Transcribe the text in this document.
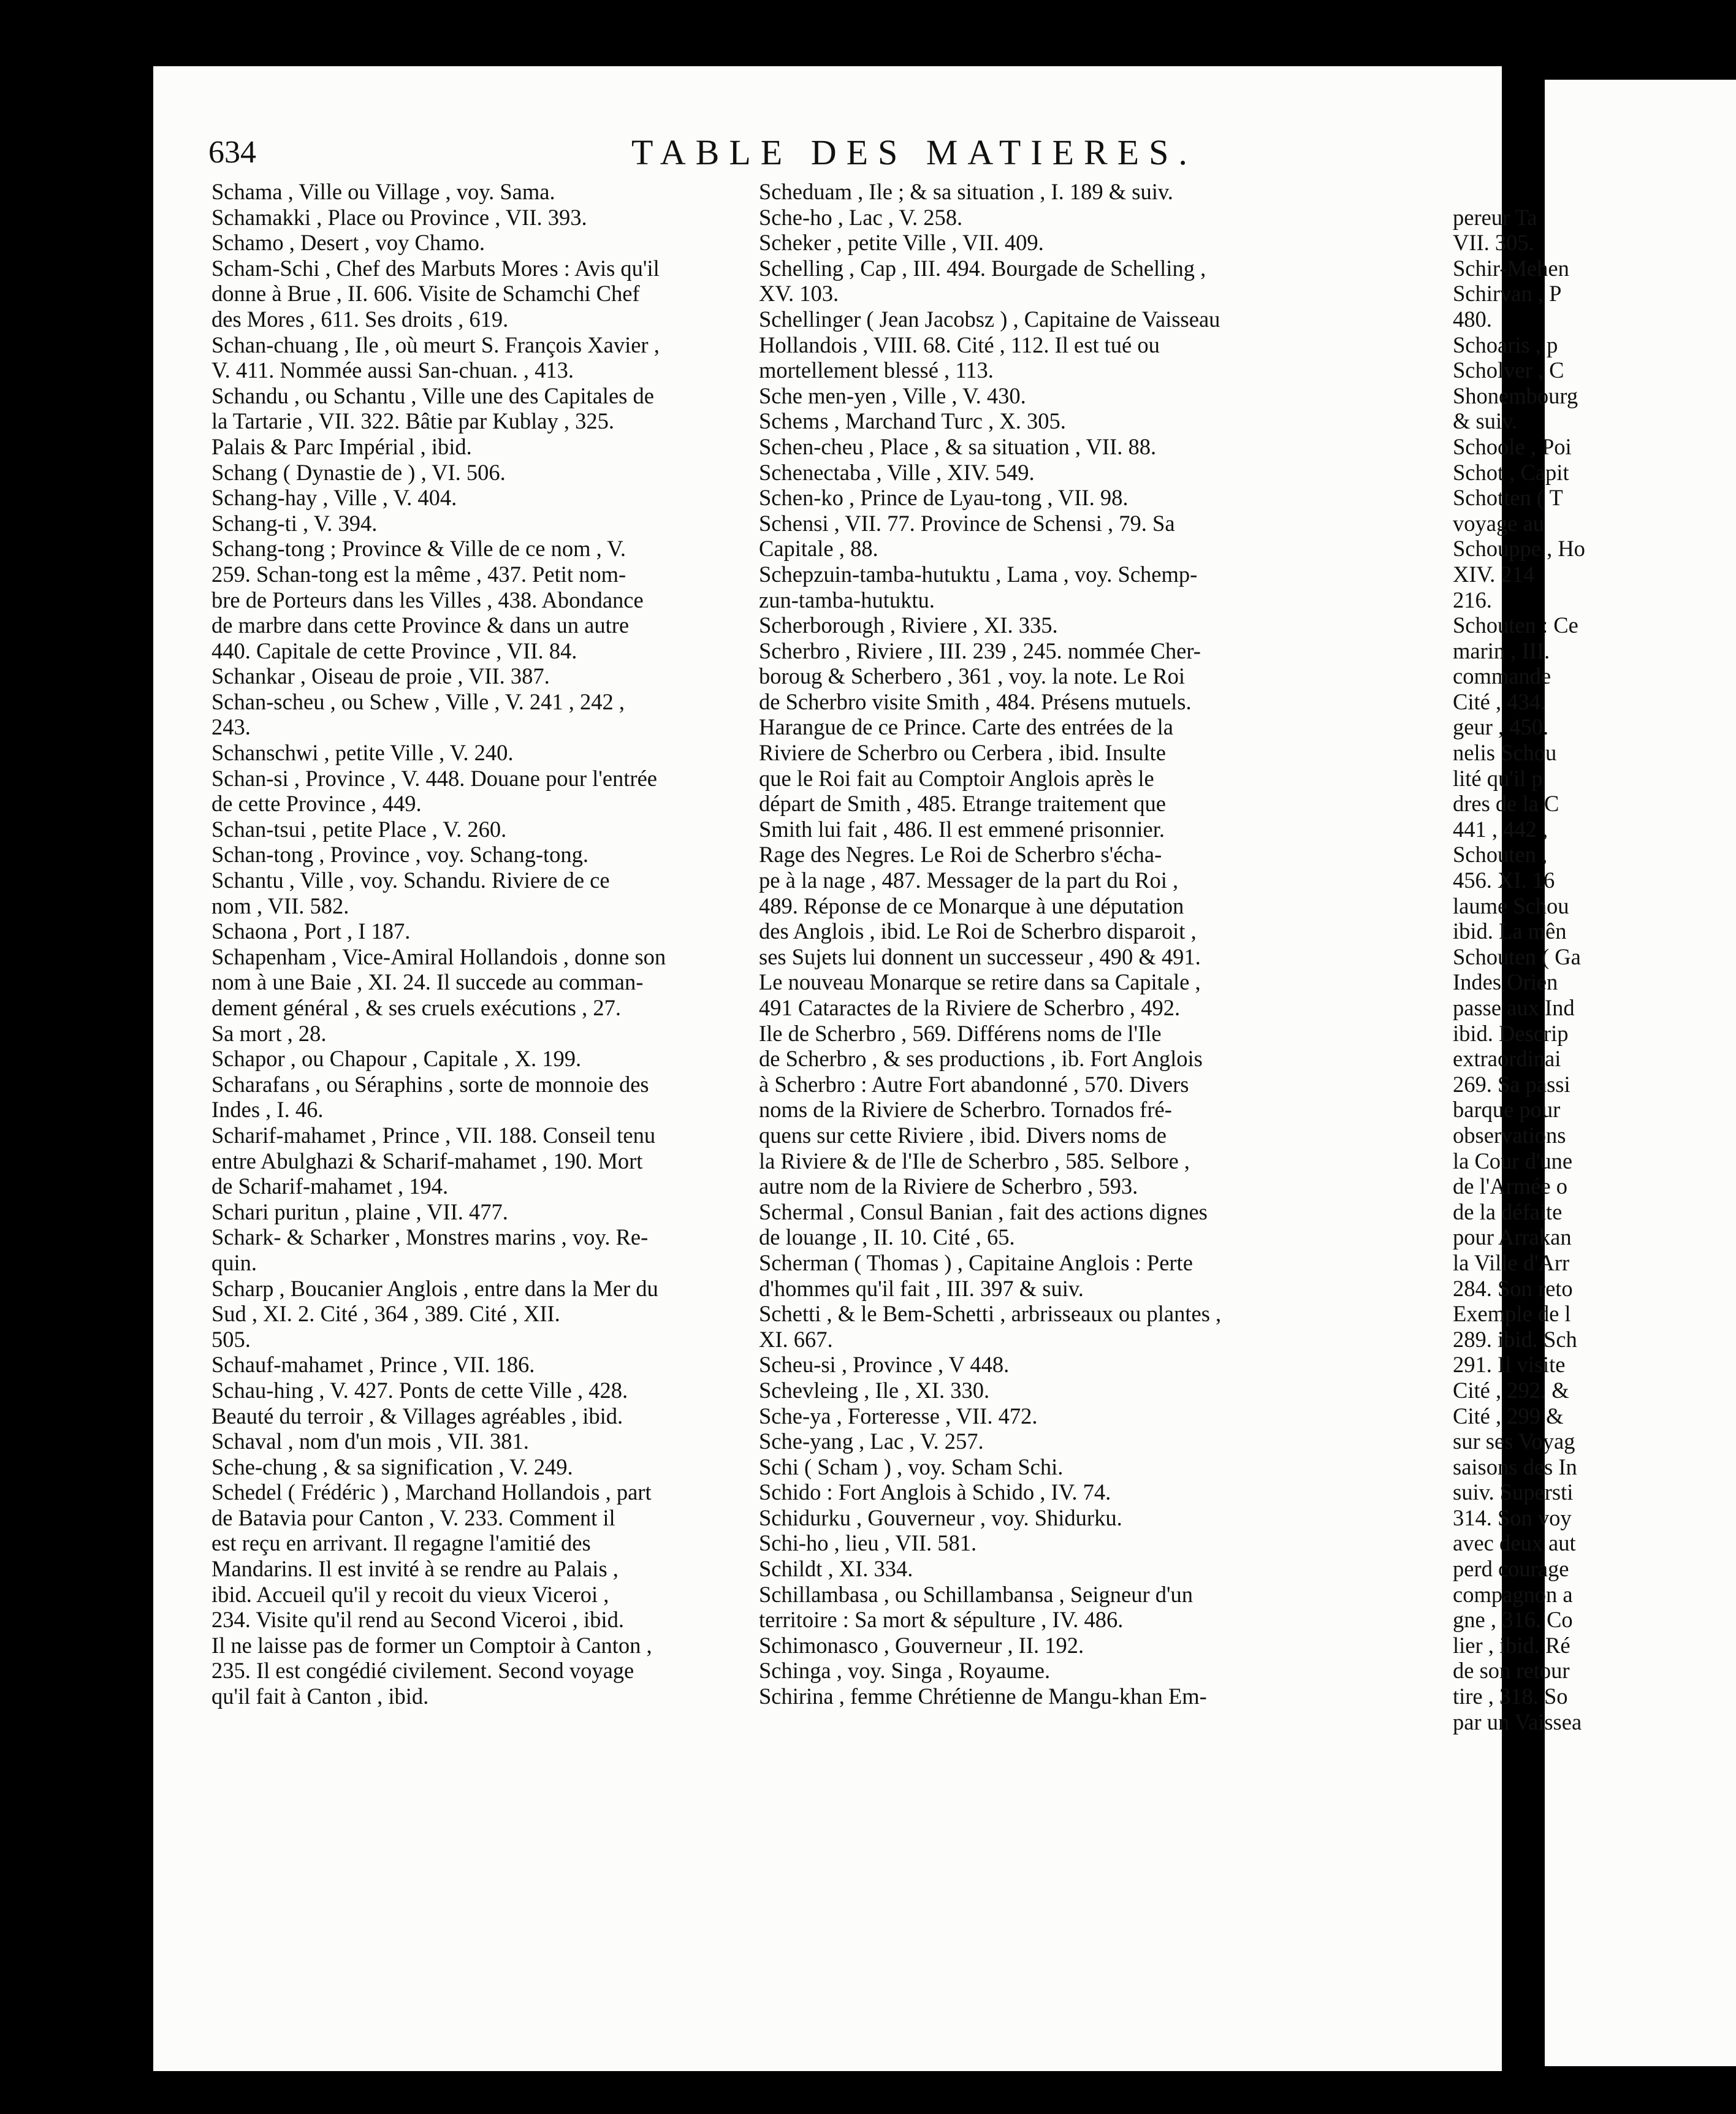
634	TABLE DES MATIERES.
Schama , Ville ou Village , voy. Sama.
Schamakki , Place ou Province , VII. 393.
Schamo , Desert , voy Chamo.
Scham-Schi , Chef des Marbuts Mores : Avis qu'il
donne à Brue , II. 606. Visite de Schamchi Chef
des Mores , 611. Ses droits , 619.
Schan-chuang , Ile , où meurt S. François Xavier ,
V. 411. Nommée aussi San-chuan. , 413.
Schandu , ou Schantu , Ville une des Capitales de
la Tartarie , VII. 322. Bâtie par Kublay , 325.
Palais & Parc Impérial , ibid.
Schang ( Dynastie de ) , VI. 506.
Schang-hay , Ville , V. 404.
Schang-ti , V. 394.
Schang-tong ; Province & Ville de ce nom , V.
259. Schan-tong est la même , 437. Petit nom-
bre de Porteurs dans les Villes , 438. Abondance
de marbre dans cette Province & dans un autre
440. Capitale de cette Province , VII. 84.
Schankar , Oiseau de proie , VII. 387.
Schan-scheu , ou Schew , Ville , V. 241 , 242 ,
243.
Schanschwi , petite Ville , V. 240.
Schan-si , Province , V. 448. Douane pour l'entrée
de cette Province , 449.
Schan-tsui , petite Place , V. 260.
Schan-tong , Province , voy. Schang-tong.
Schantu , Ville , voy. Schandu. Riviere de ce
nom , VII. 582.
Schaona , Port , I 187.
Schapenham , Vice-Amiral Hollandois , donne son
nom à une Baie , XI. 24. Il succede au comman-
dement général , & ses cruels exécutions , 27.
Sa mort , 28.
Schapor , ou Chapour , Capitale , X. 199.
Scharafans , ou Séraphins , sorte de monnoie des
Indes , I. 46.
Scharif-mahamet , Prince , VII. 188. Conseil tenu
entre Abulghazi & Scharif-mahamet , 190. Mort
de Scharif-mahamet , 194.
Schari puritun , plaine , VII. 477.
Schark- & Scharker , Monstres marins , voy. Re-
quin.
Scharp , Boucanier Anglois , entre dans la Mer du
Sud , XI. 2. Cité , 364 , 389. Cité , XII.
505.
Schauf-mahamet , Prince , VII. 186.
Schau-hing , V. 427. Ponts de cette Ville , 428.
Beauté du terroir , & Villages agréables , ibid.
Schaval , nom d'un mois , VII. 381.
Sche-chung , & sa signification , V. 249.
Schedel ( Frédéric ) , Marchand Hollandois , part
de Batavia pour Canton , V. 233. Comment il
est reçu en arrivant. Il regagne l'amitié des
Mandarins. Il est invité à se rendre au Palais ,
ibid. Accueil qu'il y recoit du vieux Viceroi ,
234. Visite qu'il rend au Second Viceroi , ibid.
Il ne laisse pas de former un Comptoir à Canton ,
235. Il est congédié civilement. Second voyage
qu'il fait à Canton , ibid.
Scheduam , Ile ; & sa situation , I. 189 & suiv.
Sche-ho , Lac , V. 258.
Scheker , petite Ville , VII. 409.
Schelling , Cap , III. 494. Bourgade de Schelling ,
XV. 103.
Schellinger ( Jean Jacobsz ) , Capitaine de Vaisseau
Hollandois , VIII. 68. Cité , 112. Il est tué ou
mortellement blessé , 113.
Sche men-yen , Ville , V. 430.
Schems , Marchand Turc , X. 305.
Schen-cheu , Place , & sa situation , VII. 88.
Schenectaba , Ville , XIV. 549.
Schen-ko , Prince de Lyau-tong , VII. 98.
Schensi , VII. 77. Province de Schensi , 79. Sa
Capitale , 88.
Schepzuin-tamba-hutuktu , Lama , voy. Schemp-
zun-tamba-hutuktu.
Scherborough , Riviere , XI. 335.
Scherbro , Riviere , III. 239 , 245. nommée Cher-
boroug & Scherbero , 361 , voy. la note. Le Roi
de Scherbro visite Smith , 484. Présens mutuels.
Harangue de ce Prince. Carte des entrées de la
Riviere de Scherbro ou Cerbera , ibid. Insulte
que le Roi fait au Comptoir Anglois après le
départ de Smith , 485. Etrange traitement que
Smith lui fait , 486. Il est emmené prisonnier.
Rage des Negres. Le Roi de Scherbro s'écha-
pe à la nage , 487. Messager de la part du Roi ,
489. Réponse de ce Monarque à une députation
des Anglois , ibid. Le Roi de Scherbro disparoit ,
ses Sujets lui donnent un successeur , 490 & 491.
Le nouveau Monarque se retire dans sa Capitale ,
491 Cataractes de la Riviere de Scherbro , 492.
Ile de Scherbro , 569. Différens noms de l'Ile
de Scherbro , & ses productions , ib. Fort Anglois
à Scherbro : Autre Fort abandonné , 570. Divers
noms de la Riviere de Scherbro. Tornados fré-
quens sur cette Riviere , ibid. Divers noms de
la Riviere & de l'Ile de Scherbro , 585. Selbore ,
autre nom de la Riviere de Scherbro , 593.
Schermal , Consul Banian , fait des actions dignes
de louange , II. 10. Cité , 65.
Scherman ( Thomas ) , Capitaine Anglois : Perte
d'hommes qu'il fait , III. 397 & suiv.
Schetti , & le Bem-Schetti , arbrisseaux ou plantes ,
XI. 667.
Scheu-si , Province , V 448.
Schevleing , Ile , XI. 330.
Sche-ya , Forteresse , VII. 472.
Sche-yang , Lac , V. 257.
Schi ( Scham ) , voy. Scham Schi.
Schido : Fort Anglois à Schido , IV. 74.
Schidurku , Gouverneur , voy. Shidurku.
Schi-ho , lieu , VII. 581.
Schildt , XI. 334.
Schillambasa , ou Schillambansa , Seigneur d'un
territoire : Sa mort & sépulture , IV. 486.
Schimonasco , Gouverneur , II. 192.
Schinga , voy. Singa , Royaume.
Schirina , femme Chrétienne de Mangu-khan Em-
pereur Ta
VII. 305.
Schir-Mehen
Schirvan , P
480.
Schoaris , p
Scholver , C
Shonembourg
& suiv.
Schoole , Poi
Schot , Capit
Schotten ( T
voyage au
Schouppe , Ho
XIV. 214
216.
Schouten : Ce
marin , III.
commande
Cité , 434.
geur , 450.
nelis Schou
lité qu'il p
dres de la C
441 , 442 ,
Schouten ,
456. XI. 16
laume Schou
ibid. La mên
Schouten ( Ga
Indes Orien
passe aux Ind
ibid. Descrip
extraordinai
269. Sa passi
barque pour
observations
la Cour d'une
de l'Armée o
de la défaite
pour Arrakan
la Ville d'Arr
284. Son reto
Exemple de l
289. ibid. Sch
291. Il visite
Cité , 292. &
Cité , 299 &
sur ses Voyag
saisons des In
suiv. Supersti
314. Son voy
avec deux aut
perd courage
compagnon a
gne , 316. Co
lier , ibid. Ré
de son retour
tire , 318. So
par un Vaissea
